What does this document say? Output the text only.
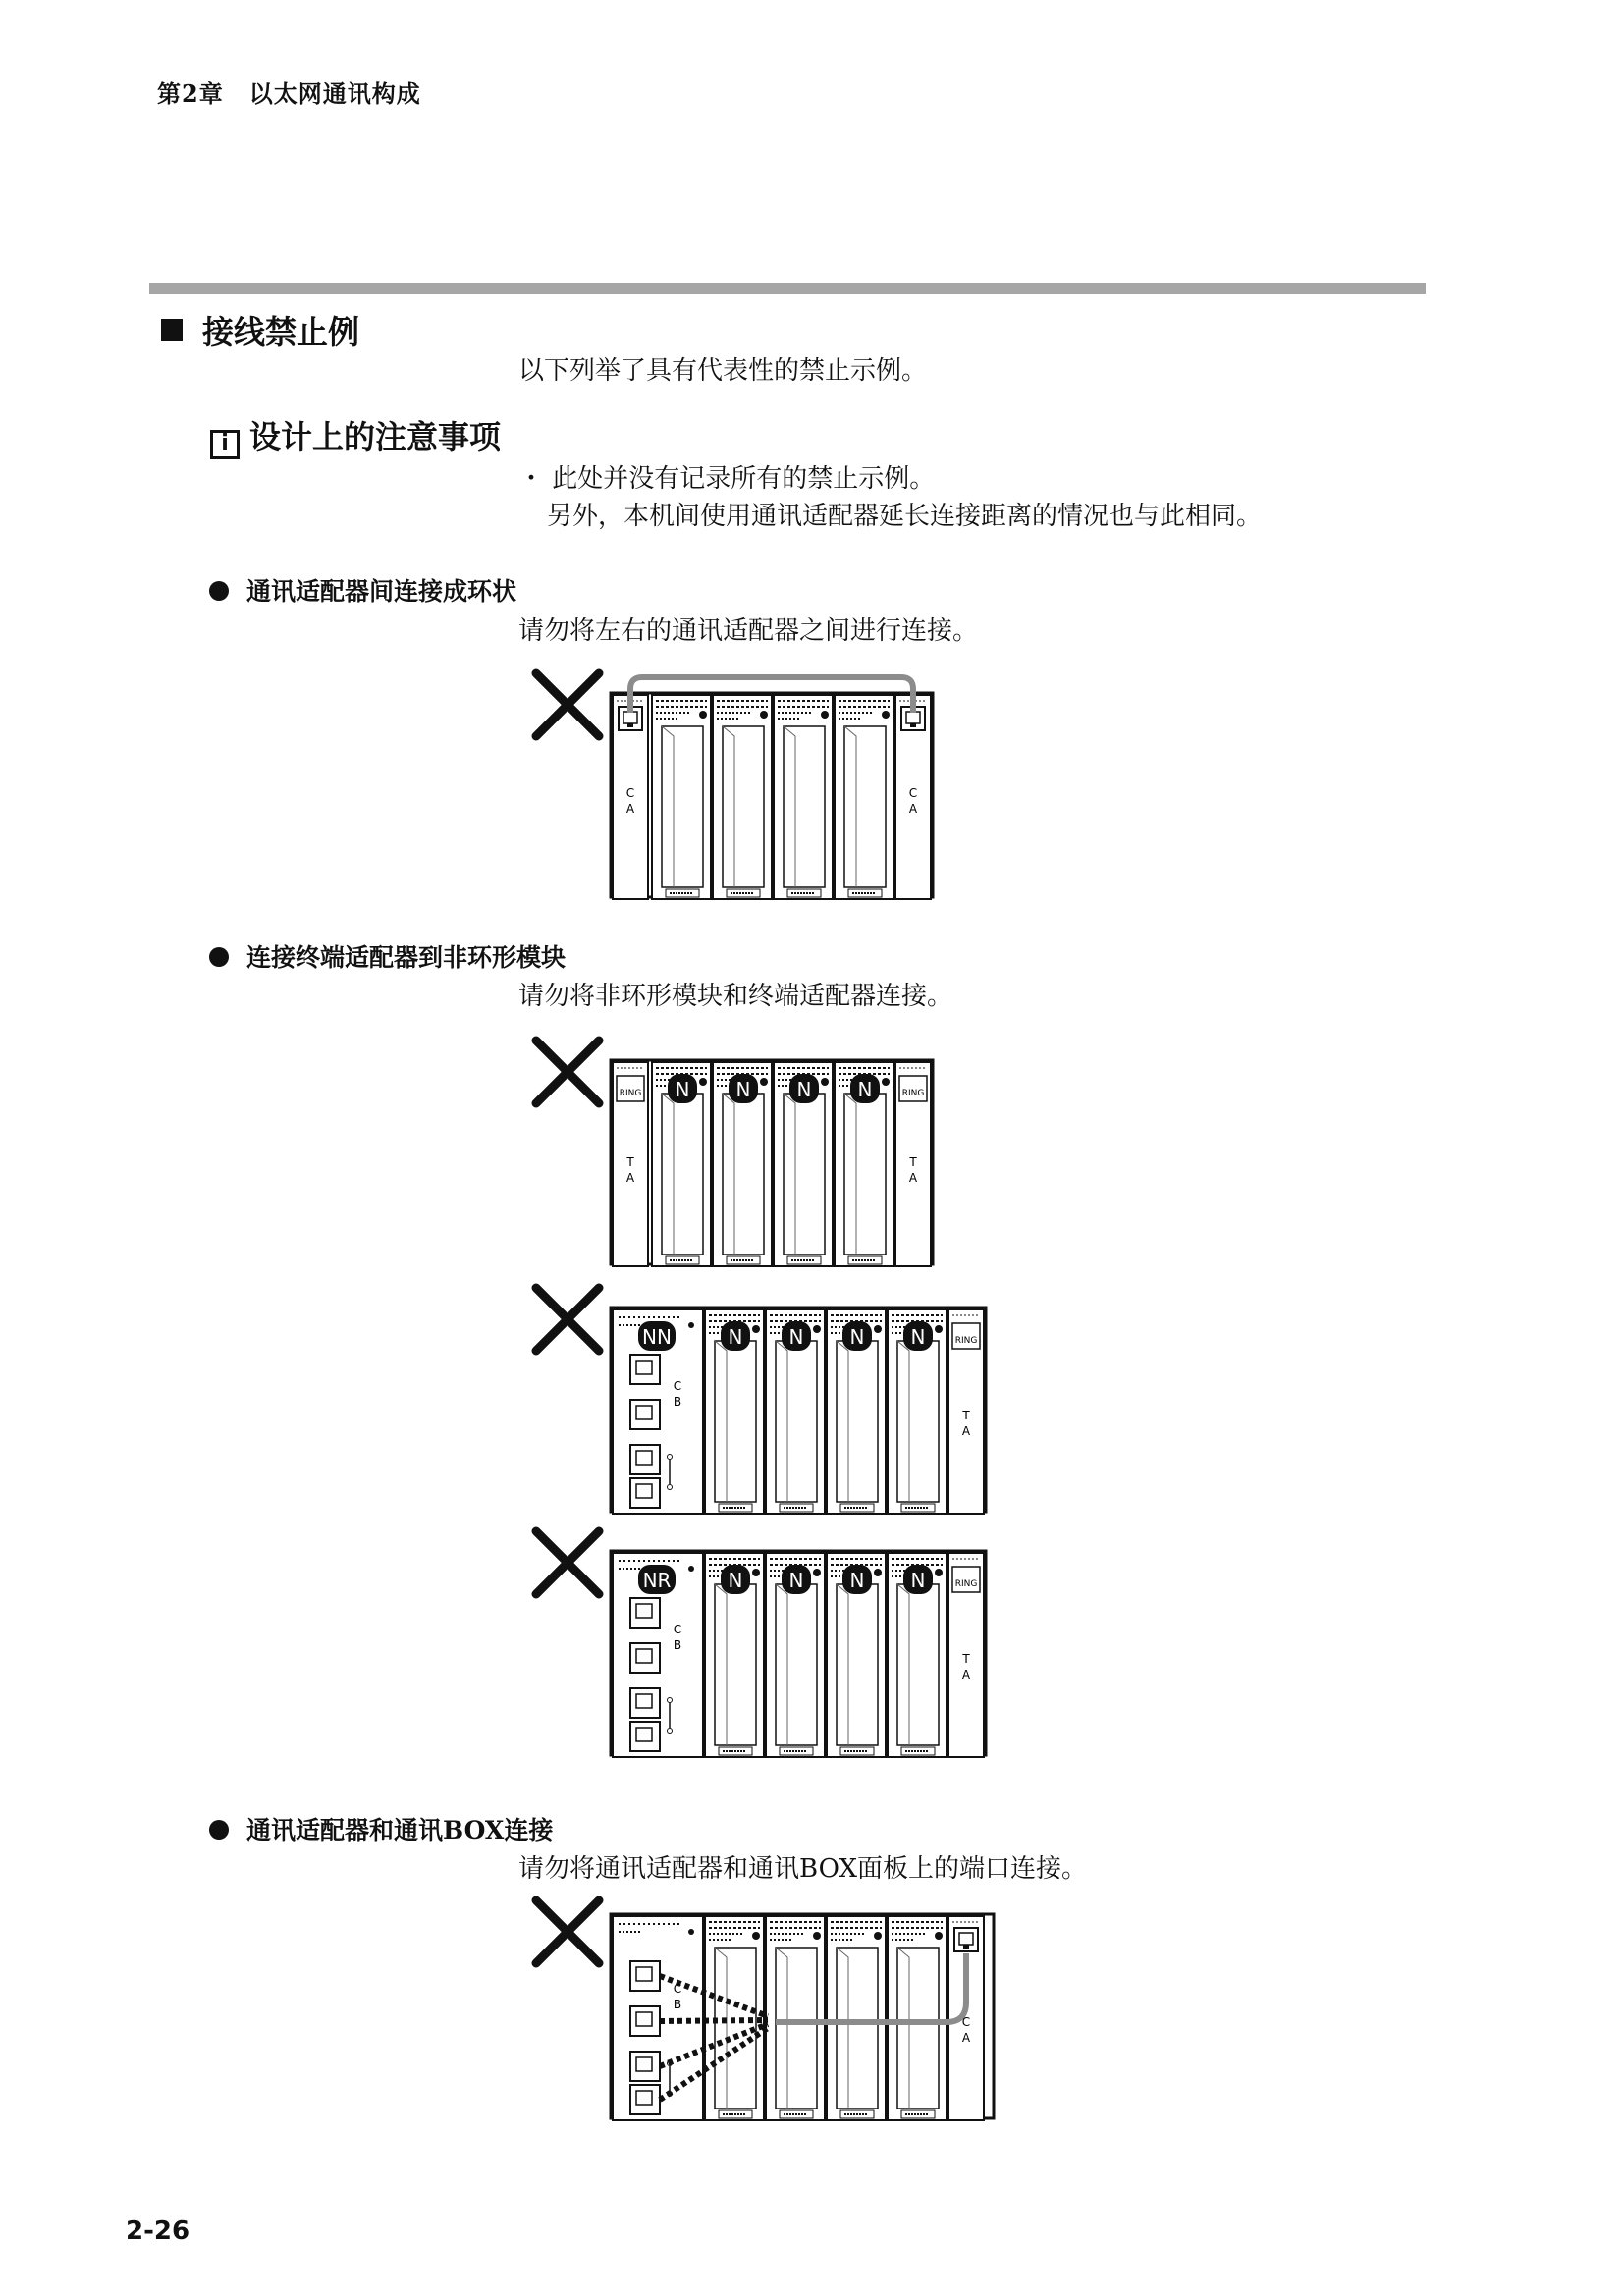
第2章 以太网通讯构成
接线禁止例
以下列举了具有代表性的禁止示例。
i 设计上的注意事项
・ 此处并没有记录所有的禁止示例。
另外，本机间使用通讯适配器延长连接距离的情况也与此相同。
通讯适配器间连接成环状
请勿将左右的通讯适配器之间进行连接。
连接终端适配器到非环形模块
请勿将非环形模块和终端适配器连接。
通讯适配器和通讯BOX连接
请勿将通讯适配器和通讯BOX面板上的端口连接。
2-26
C
A
C
A
RING	RING
N N N N
T
A
T
A
RING
NN	N N N N
C
B
T
A
RING
NR	N N N N
C
B
T
A
C
B
C
A
